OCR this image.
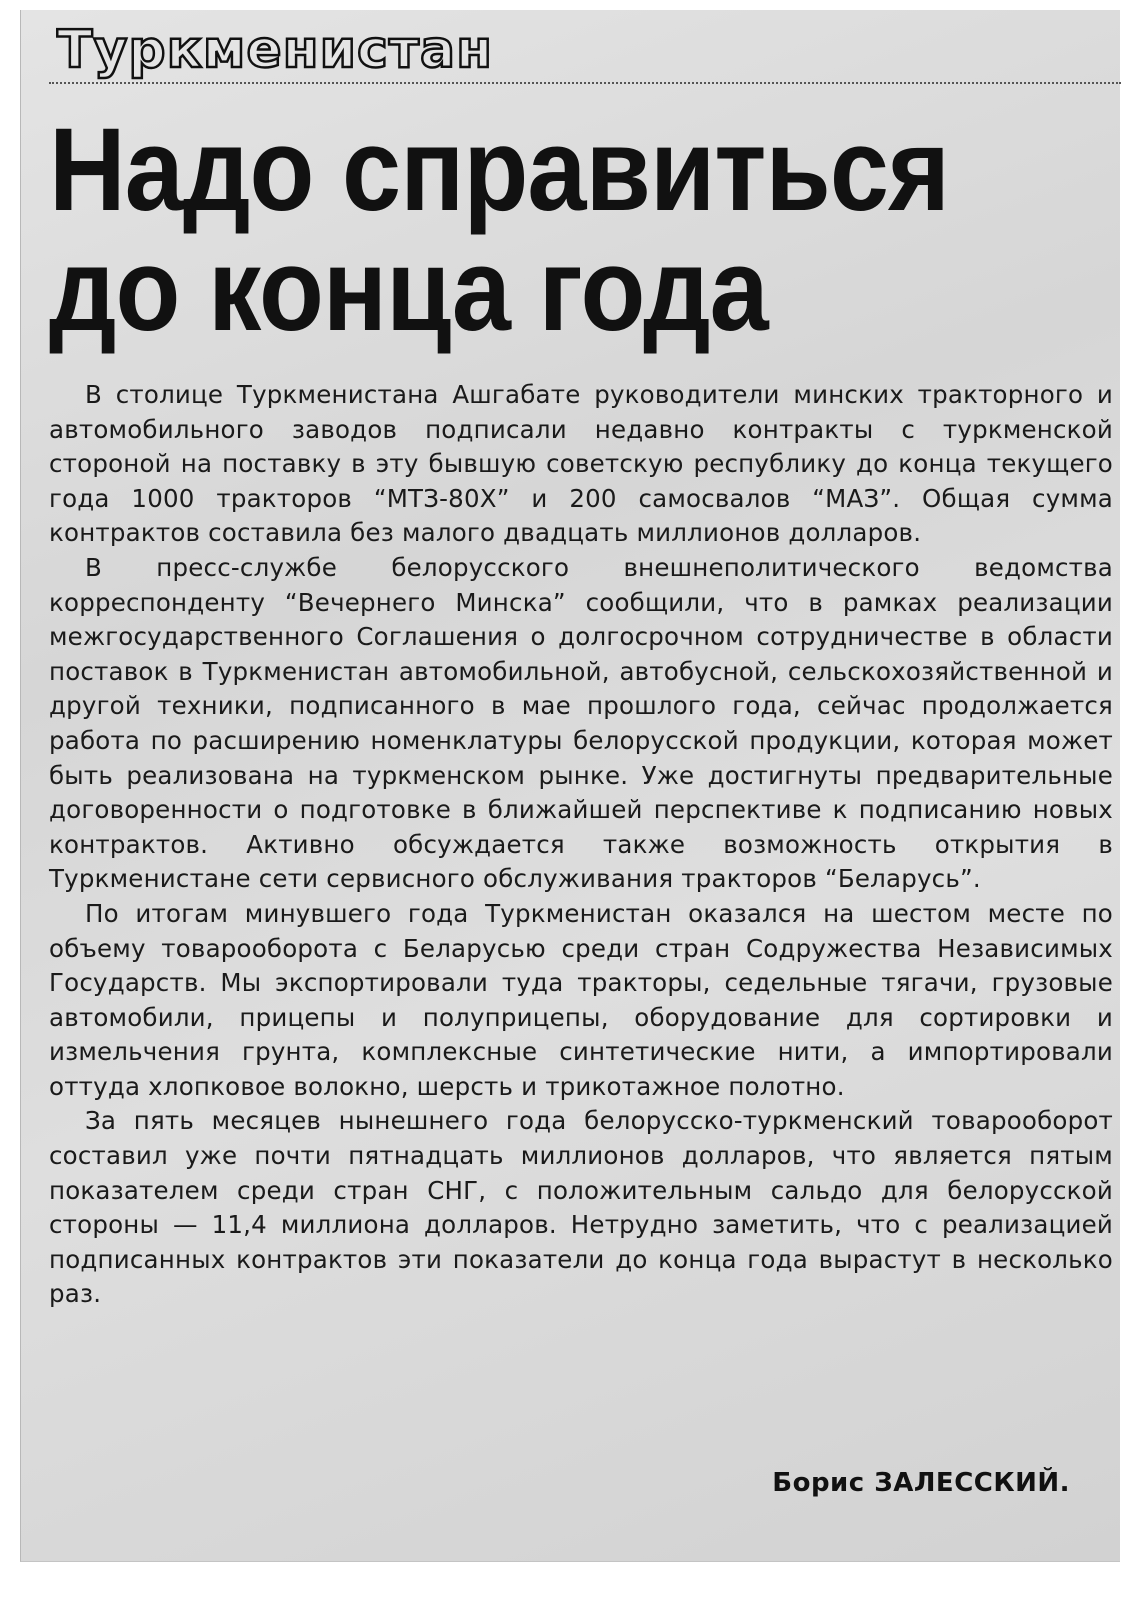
Туркменистан
Надо справиться
до конца года

В столице Туркменистана Ашгабате руководители минских тракторного и автомобильного заводов подписали недавно контракты с туркменской стороной на поставку в эту бывшую советскую республику до конца текущего года 1000 тракторов “МТЗ-80Х” и 200 самосвалов “МАЗ”. Общая сумма контрактов составила без малого двадцать миллионов долларов.

В пресс-службе белорусского внешнеполитического ведомства корреспонденту “Вечернего Минска” сообщили, что в рамках реализации межгосударственного Соглашения о долгосрочном сотрудничестве в области поставок в Туркменистан автомобильной, автобусной, сельскохозяйственной и другой техники, подписанного в мае прошлого года, сейчас продолжается работа по расширению номенклатуры белорусской продукции, которая может быть реализована на туркменском рынке. Уже достигнуты предварительные договоренности о подготовке в ближайшей перспективе к подписанию новых контрактов. Активно обсуждается также возможность открытия в Туркменистане сети сервисного обслуживания тракторов “Беларусь”.

По итогам минувшего года Туркменистан оказался на шестом месте по объему товарооборота с Беларусью среди стран Содружества Независимых Государств. Мы экспортировали туда тракторы, седельные тягачи, грузовые автомобили, прицепы и полуприцепы, оборудование для сортировки и измельчения грунта, комплексные синтетические нити, а импортировали оттуда хлопковое волокно, шерсть и трикотажное полотно.

За пять месяцев нынешнего года белорусско-туркменский товарооборот составил уже почти пятнадцать миллионов долларов, что является пятым показателем среди стран СНГ, с положительным сальдо для белорусской стороны — 11,4 миллиона долларов. Нетрудно заметить, что с реализацией подписанных контрактов эти показатели до конца года вырастут в несколько раз.

Борис ЗАЛЕССКИЙ.
